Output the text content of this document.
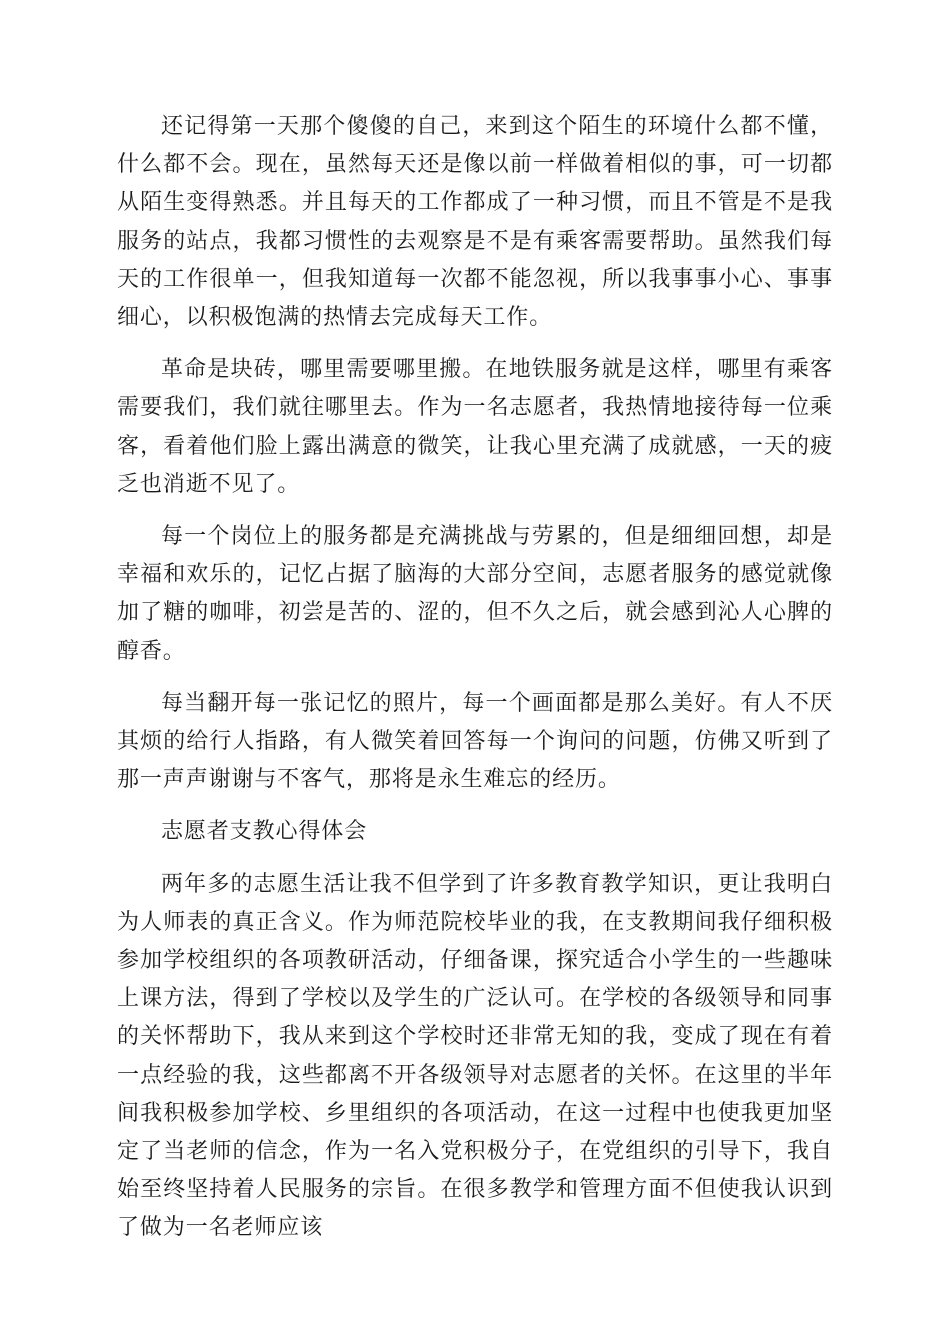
还记得第一天那个傻傻的自己，来到这个陌生的环境什么都不懂，什么都不会。现在，虽然每天还是像以前一样做着相似的事，可一切都从陌生变得熟悉。并且每天的工作都成了一种习惯，而且不管是不是我服务的站点，我都习惯性的去观察是不是有乘客需要帮助。虽然我们每天的工作很单一，但我知道每一次都不能忽视，所以我事事小心、事事细心，以积极饱满的热情去完成每天工作。

革命是块砖，哪里需要哪里搬。在地铁服务就是这样，哪里有乘客需要我们，我们就往哪里去。作为一名志愿者，我热情地接待每一位乘客，看着他们脸上露出满意的微笑，让我心里充满了成就感，一天的疲乏也消逝不见了。

每一个岗位上的服务都是充满挑战与劳累的，但是细细回想，却是幸福和欢乐的，记忆占据了脑海的大部分空间，志愿者服务的感觉就像加了糖的咖啡，初尝是苦的、涩的，但不久之后，就会感到沁人心脾的醇香。

每当翻开每一张记忆的照片，每一个画面都是那么美好。有人不厌其烦的给行人指路，有人微笑着回答每一个询问的问题，仿佛又听到了那一声声谢谢与不客气，那将是永生难忘的经历。

志愿者支教心得体会

两年多的志愿生活让我不但学到了许多教育教学知识，更让我明白为人师表的真正含义。作为师范院校毕业的我，在支教期间我仔细积极参加学校组织的各项教研活动，仔细备课，探究适合小学生的一些趣味上课方法，得到了学校以及学生的广泛认可。在学校的各级领导和同事的关怀帮助下，我从来到这个学校时还非常无知的我，变成了现在有着一点经验的我，这些都离不开各级领导对志愿者的关怀。在这里的半年间我积极参加学校、乡里组织的各项活动，在这一过程中也使我更加坚定了当老师的信念，作为一名入党积极分子，在党组织的引导下，我自始至终坚持着人民服务的宗旨。在很多教学和管理方面不但使我认识到了做为一名老师应该
